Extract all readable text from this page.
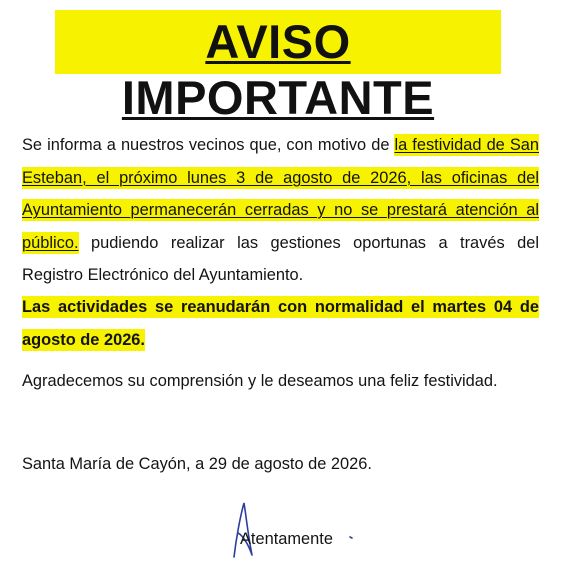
AVISO IMPORTANTE
Se informa a nuestros vecinos que, con motivo de la festividad de San Esteban, el próximo lunes 3 de agosto de 2026, las oficinas del Ayuntamiento permanecerán cerradas y no se prestará atención al público. pudiendo realizar las gestiones oportunas a través del Registro Electrónico del Ayuntamiento.
Las actividades se reanudarán con normalidad el martes 04 de agosto de 2026.
Agradecemos su comprensión y le deseamos una feliz festividad.
Santa María de Cayón, a 29 de agosto de 2026.
Atentamente
